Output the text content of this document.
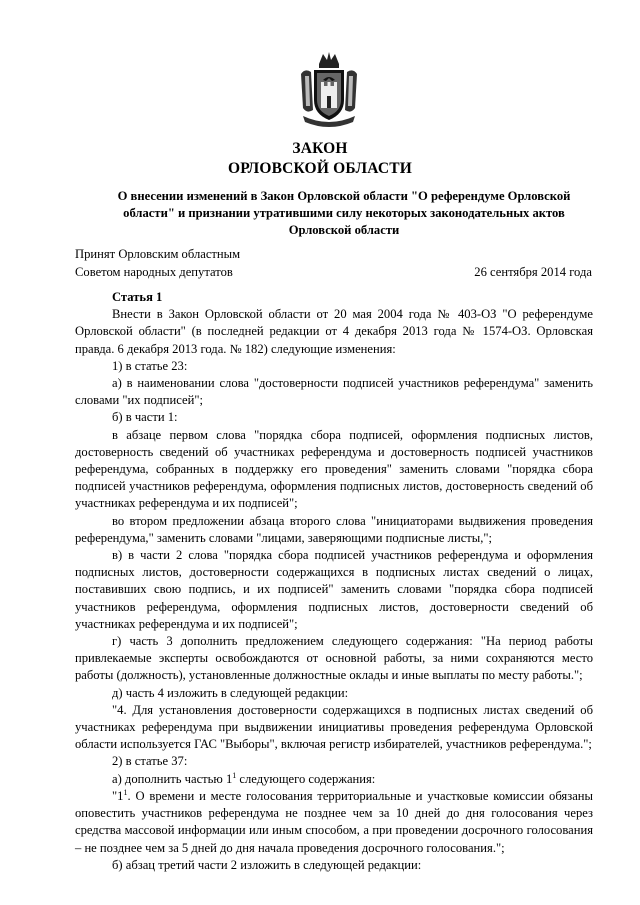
ЗАКОН
ОРЛОВСКОЙ ОБЛАСТИ
О внесении изменений в Закон Орловской области "О референдуме Орловской
области" и признании утратившими силу некоторых законодательных актов
Орловской области
Принят Орловским областным
Советом народных депутатов	26 сентября 2014 года
Статья 1
Внести в Закон Орловской области от 20 мая 2004 года № 403-ОЗ "О референдуме Орловской области" (в последней редакции от 4 декабря 2013 года № 1574-ОЗ. Орловская правда. 6 декабря 2013 года. № 182) следующие изменения:
1) в статье 23:
а) в наименовании слова "достоверности подписей участников референдума" заменить словами "их подписей";
б) в части 1:
в абзаце первом слова "порядка сбора подписей, оформления подписных листов, достоверность сведений об участниках референдума и достоверность подписей участников референдума, собранных в поддержку его проведения" заменить словами "порядка сбора подписей участников референдума, оформления подписных листов, достоверность сведений об участниках референдума и их подписей";
во втором предложении абзаца второго слова "инициаторами выдвижения проведения референдума," заменить словами "лицами, заверяющими подписные листы,";
в) в части 2 слова "порядка сбора подписей участников референдума и оформления подписных листов, достоверности содержащихся в подписных листах сведений о лицах, поставивших свою подпись, и их подписей" заменить словами "порядка сбора подписей участников референдума, оформления подписных листов, достоверности сведений об участниках референдума и их подписей";
г) часть 3 дополнить предложением следующего содержания: "На период работы привлекаемые эксперты освобождаются от основной работы, за ними сохраняются место работы (должность), установленные должностные оклады и иные выплаты по месту работы.";
д) часть 4 изложить в следующей редакции:
"4. Для установления достоверности содержащихся в подписных листах сведений об участниках референдума при выдвижении инициативы проведения референдума Орловской области используется ГАС "Выборы", включая регистр избирателей, участников референдума.";
2) в статье 37:
а) дополнить частью $1^1$ следующего содержания:
"$1^1$. О времени и месте голосования территориальные и участковые комиссии обязаны оповестить участников референдума не позднее чем за 10 дней до дня голосования через средства массовой информации или иным способом, а при проведении досрочного голосования – не позднее чем за 5 дней до дня начала проведения досрочного голосования.";
б) абзац третий части 2 изложить в следующей редакции:
